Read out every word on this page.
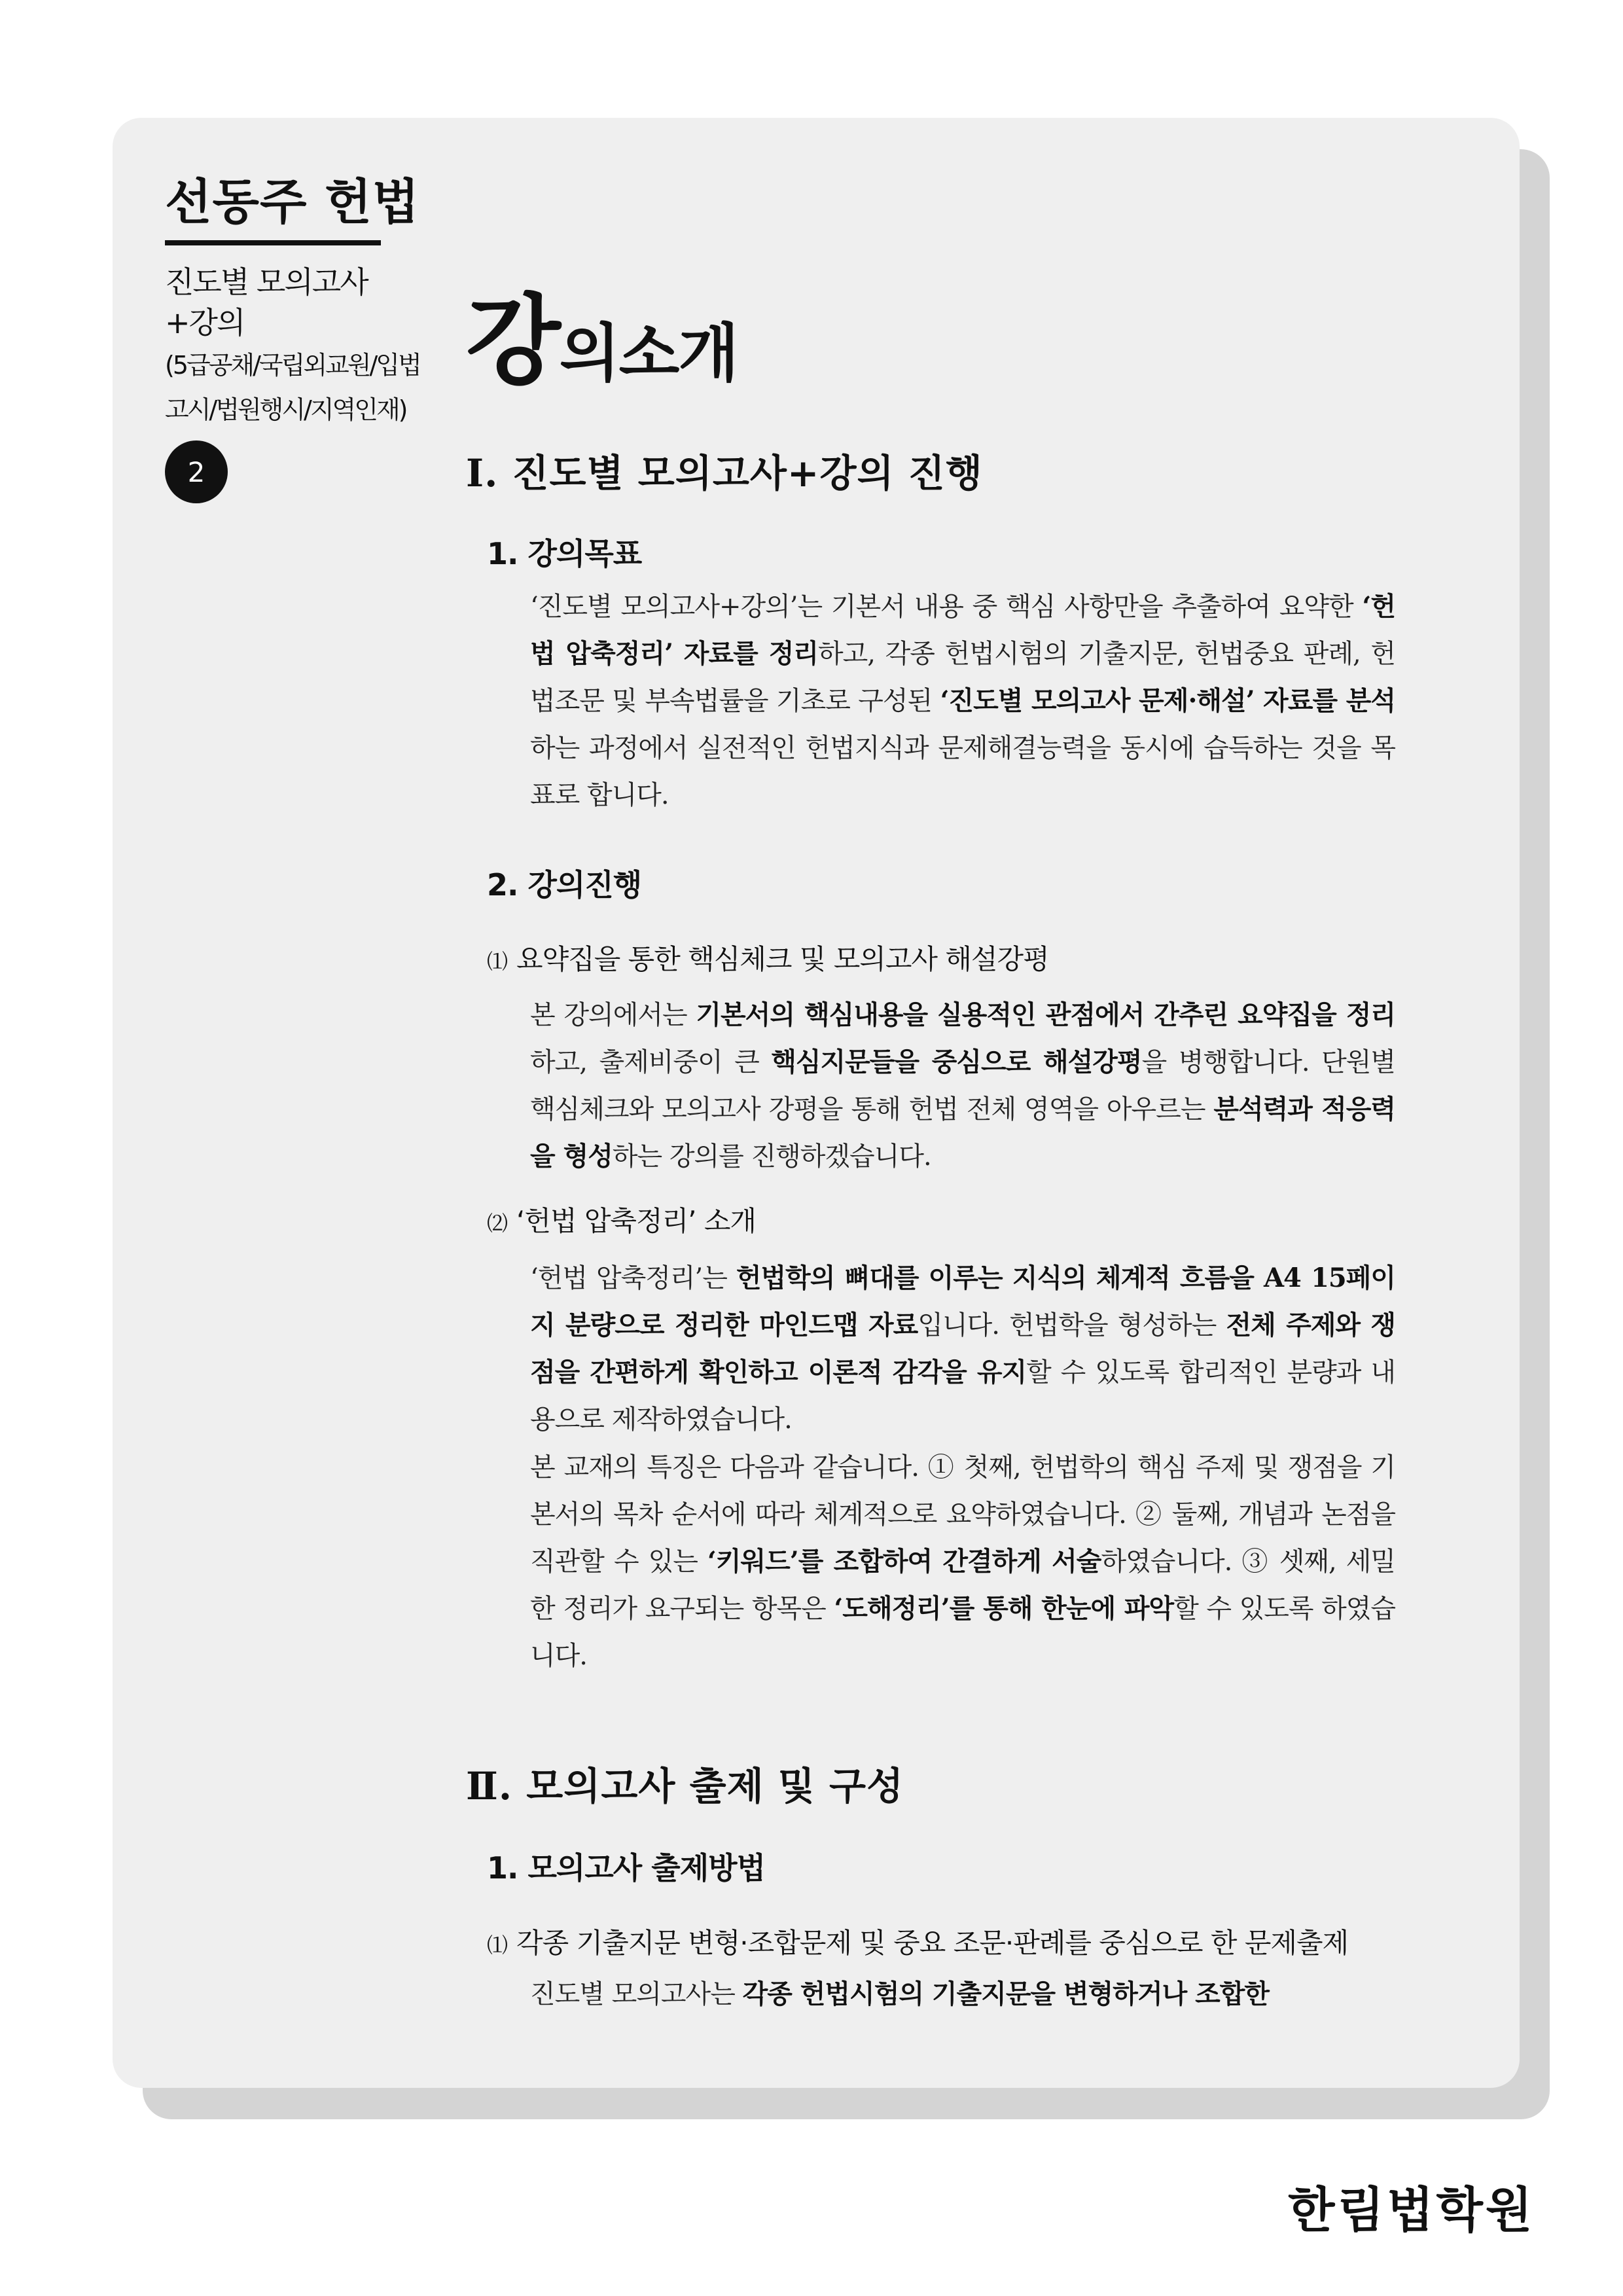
선동주 헌법
진도별 모의고사
+강의
(5급공채/국립외교원/입법
고시/법원행시/지역인재)
2
강의소개
Ⅰ. 진도별 모의고사+강의 진행
1. 강의목표
‘진도별 모의고사+강의’는 기본서 내용 중 핵심 사항만을 추출하여 요약한 ‘헌법 압축정리’ 자료를 정리하고, 각종 헌법시험의 기출지문, 헌법중요 판례, 헌법조문 및 부속법률을 기초로 구성된 ‘진도별 모의고사 문제·해설’ 자료를 분석하는 과정에서 실전적인 헌법지식과 문제해결능력을 동시에 습득하는 것을 목표로 합니다.
2. 강의진행
⑴ 요약집을 통한 핵심체크 및 모의고사 해설강평
본 강의에서는 기본서의 핵심내용을 실용적인 관점에서 간추린 요약집을 정리하고, 출제비중이 큰 핵심지문들을 중심으로 해설강평을 병행합니다. 단원별 핵심체크와 모의고사 강평을 통해 헌법 전체 영역을 아우르는 분석력과 적응력을 형성하는 강의를 진행하겠습니다.
⑵ ‘헌법 압축정리’ 소개
‘헌법 압축정리’는 헌법학의 뼈대를 이루는 지식의 체계적 흐름을 A4 15페이지 분량으로 정리한 마인드맵 자료입니다. 헌법학을 형성하는 전체 주제와 쟁점을 간편하게 확인하고 이론적 감각을 유지할 수 있도록 합리적인 분량과 내용으로 제작하였습니다.
본 교재의 특징은 다음과 같습니다. ① 첫째, 헌법학의 핵심 주제 및 쟁점을 기본서의 목차 순서에 따라 체계적으로 요약하였습니다. ② 둘째, 개념과 논점을 직관할 수 있는 ‘키워드’를 조합하여 간결하게 서술하였습니다. ③ 셋째, 세밀한 정리가 요구되는 항목은 ‘도해정리’를 통해 한눈에 파악할 수 있도록 하였습니다.
Ⅱ. 모의고사 출제 및 구성
1. 모의고사 출제방법
⑴ 각종 기출지문 변형·조합문제 및 중요 조문·판례를 중심으로 한 문제출제
진도별 모의고사는 각종 헌법시험의 기출지문을 변형하거나 조합한
한림법학원
